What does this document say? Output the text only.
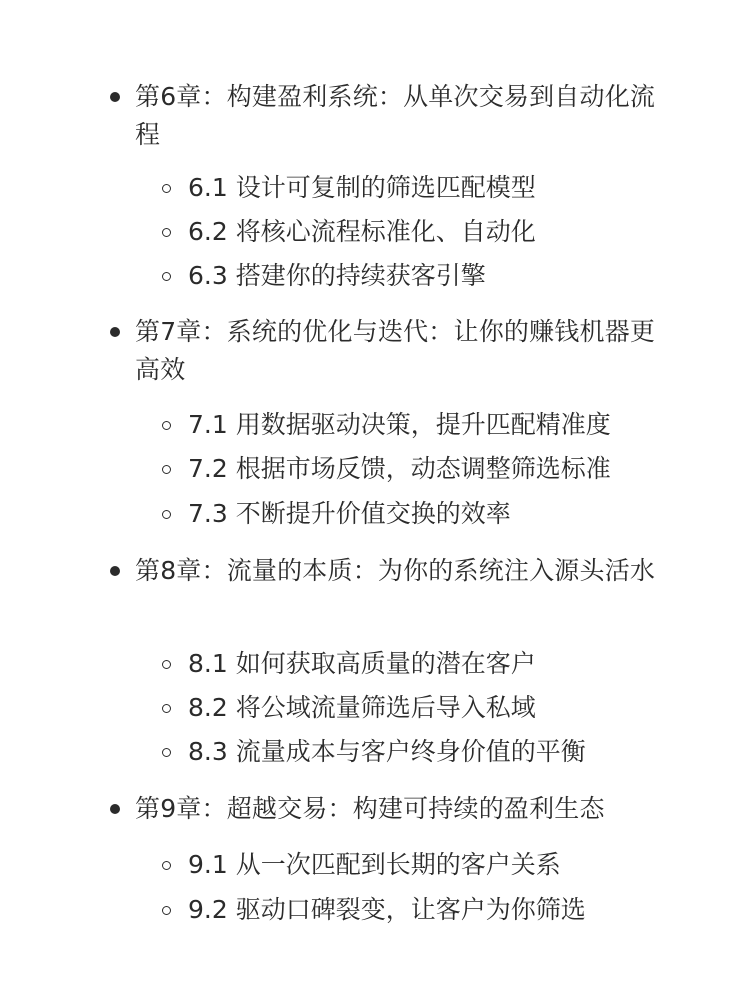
第6章：构建盈利系统：从单次交易到自动化流程
6.1 设计可复制的筛选匹配模型
6.2 将核心流程标准化、自动化
6.3 搭建你的持续获客引擎
第7章：系统的优化与迭代：让你的赚钱机器更高效
7.1 用数据驱动决策，提升匹配精准度
7.2 根据市场反馈，动态调整筛选标准
7.3 不断提升价值交换的效率
第8章：流量的本质：为你的系统注入源头活水
8.1 如何获取高质量的潜在客户
8.2 将公域流量筛选后导入私域
8.3 流量成本与客户终身价值的平衡
第9章：超越交易：构建可持续的盈利生态
9.1 从一次匹配到长期的客户关系
9.2 驱动口碑裂变，让客户为你筛选
